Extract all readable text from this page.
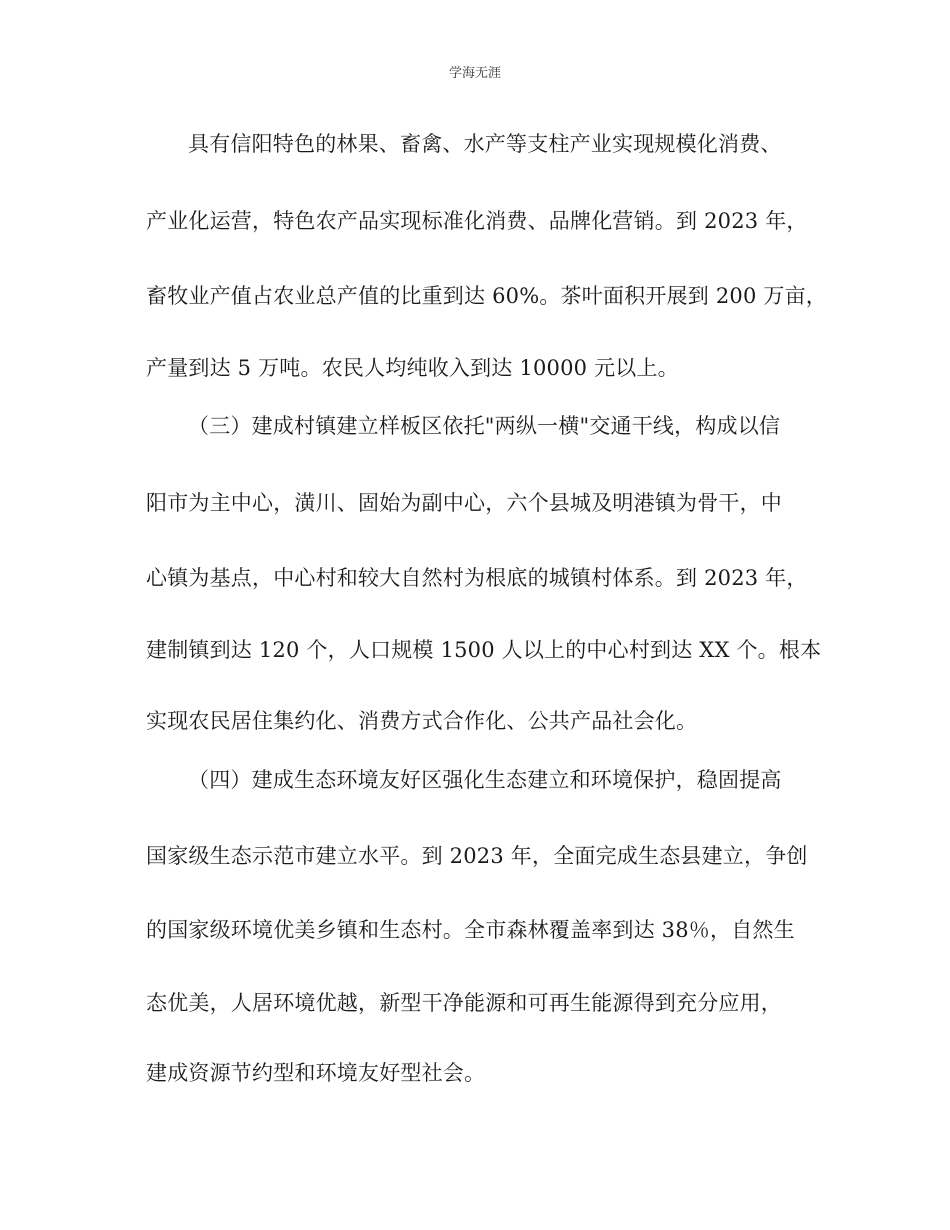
学海无涯
具有信阳特色的林果、畜禽、水产等支柱产业实现规模化消费、
产业化运营，特色农产品实现标准化消费、品牌化营销。到 2023 年，
畜牧业产值占农业总产值的比重到达 60%。茶叶面积开展到 200 万亩，
产量到达 5 万吨。农民人均纯收入到达 10000 元以上。
（三）建成村镇建立样板区依托"两纵一横"交通干线，构成以信
阳市为主中心，潢川、固始为副中心，六个县城及明港镇为骨干，中
心镇为基点，中心村和较大自然村为根底的城镇村体系。到 2023 年，
建制镇到达 120 个，人口规模 1500 人以上的中心村到达 XX 个。根本
实现农民居住集约化、消费方式合作化、公共产品社会化。
（四）建成生态环境友好区强化生态建立和环境保护，稳固提高
国家级生态示范市建立水平。到 2023 年，全面完成生态县建立，争创
的国家级环境优美乡镇和生态村。全市森林覆盖率到达 38％，自然生
态优美，人居环境优越，新型干净能源和可再生能源得到充分应用，
建成资源节约型和环境友好型社会。
